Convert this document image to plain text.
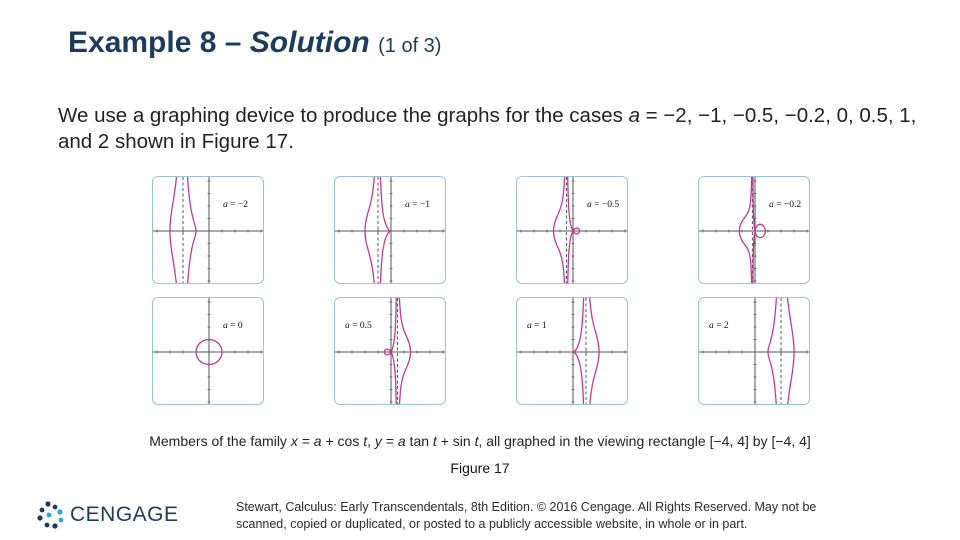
Example 8 – Solution (1 of 3)
We use a graphing device to produce the graphs for the cases a = −2, −1, −0.5, −0.2, 0, 0.5, 1, and 2 shown in Figure 17.
a = −2	a = −1	a = −0.5	a = −0.2
a = 0	a = 0.5	a = 1	a = 2
Members of the family x = a + cos t, y = a tan t + sin t, all graphed in the viewing rectangle [−4, 4] by [−4, 4]
Figure 17
CENGAGE	Stewart, Calculus: Early Transcendentals, 8th Edition. © 2016 Cengage. All Rights Reserved. May not be
scanned, copied or duplicated, or posted to a publicly accessible website, in whole or in part.
